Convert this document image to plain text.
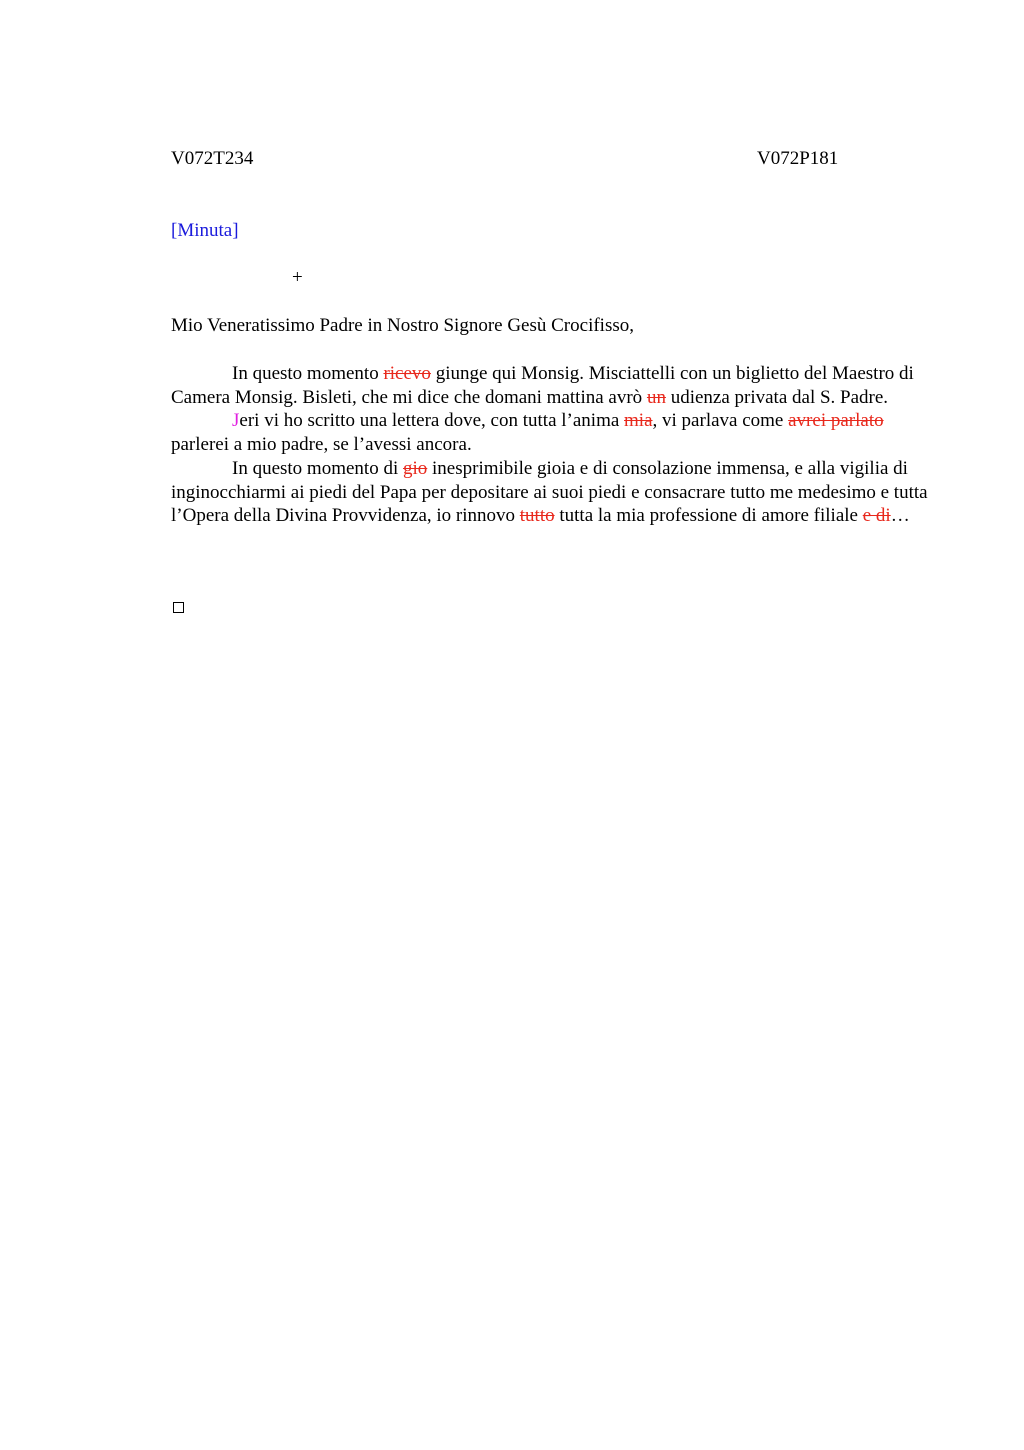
V072T234	V072P181
[Minuta]
+
Mio Veneratissimo Padre in Nostro Signore Gesù Crocifisso,

In questo momento ricevo giunge qui Monsig. Misciattelli con un biglietto del Maestro di Camera Monsig. Bisleti, che mi dice che domani mattina avrò un udienza privata dal S. Padre.

Jeri vi ho scritto una lettera dove, con tutta l’anima mia, vi parlava come avrei parlato parlerei a mio padre, se l’avessi ancora.

In questo momento di gio inesprimibile gioia e di consolazione immensa, e alla vigilia di inginocchiarmi ai piedi del Papa per depositare ai suoi piedi e consacrare tutto me medesimo e tutta l’Opera della Divina Provvidenza, io rinnovo tutto tutta la mia professione di amore filiale e di…
